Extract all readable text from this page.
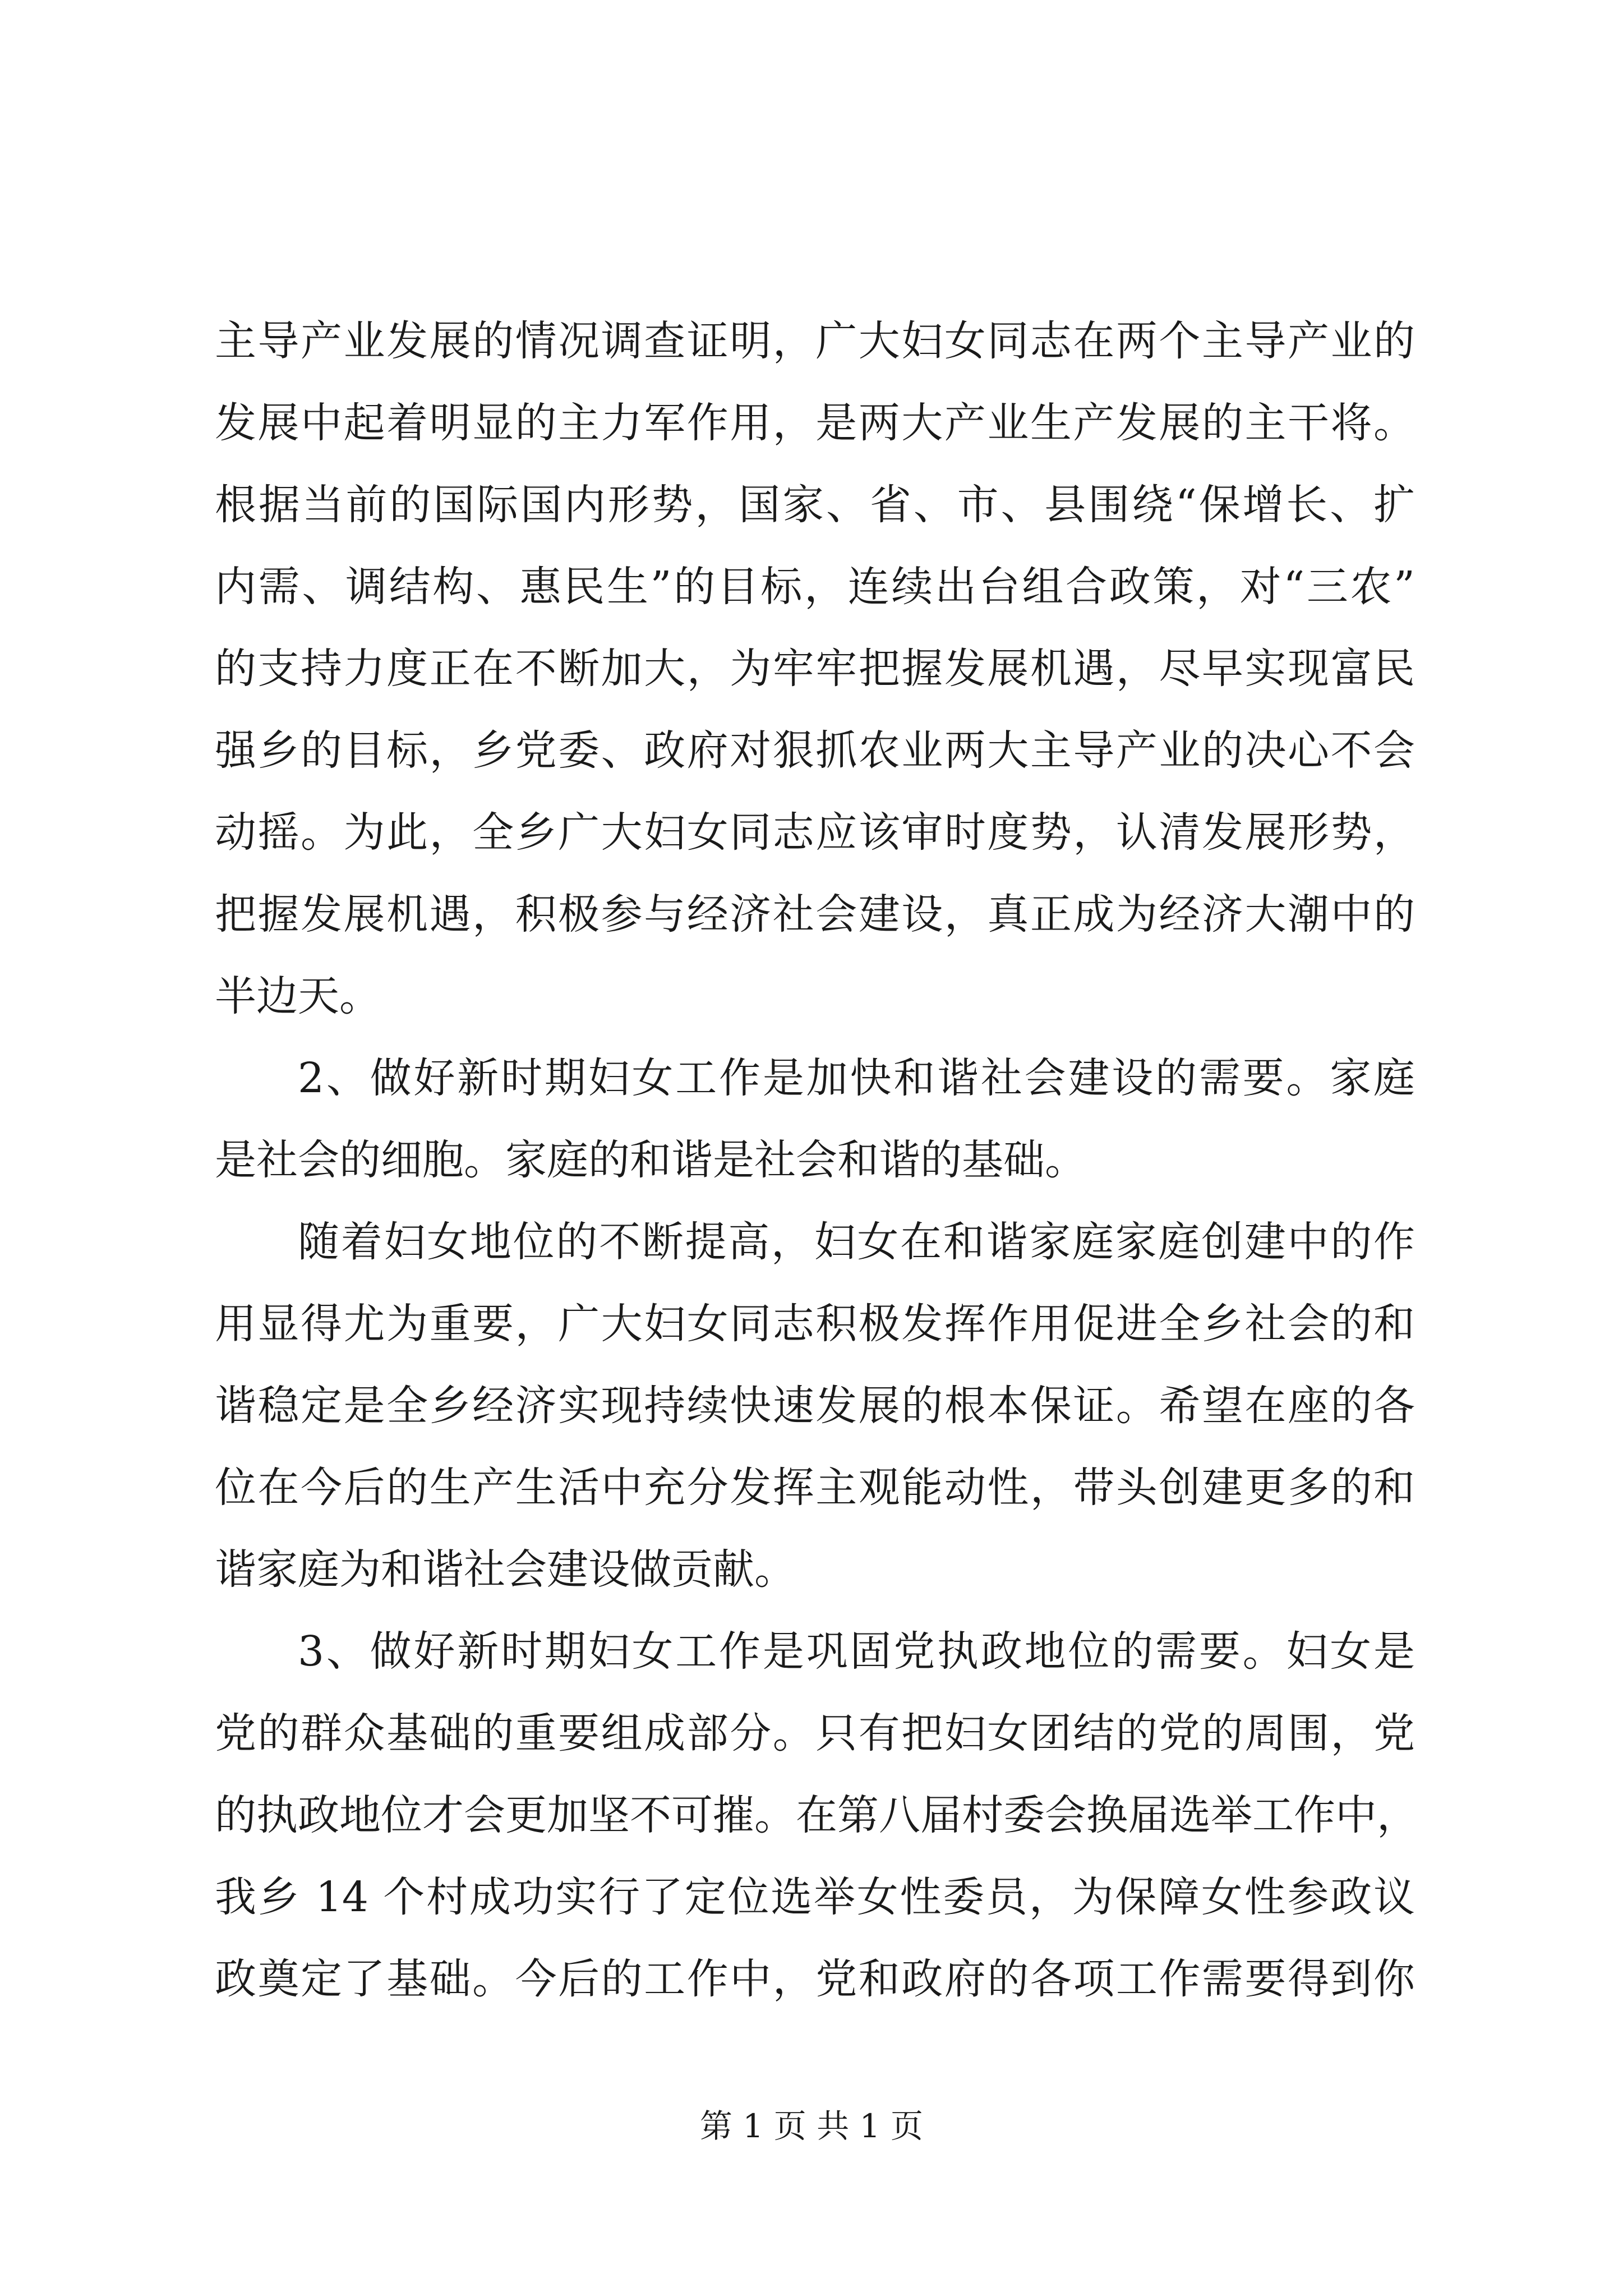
主导产业发展的情况调查证明，广大妇女同志在两个主导产业的
发展中起着明显的主力军作用，是两大产业生产发展的主干将。
根据当前的国际国内形势，国家、省、市、县围绕“保增长、扩
内需、调结构、惠民生”的目标，连续出台组合政策，对“三农”
的支持力度正在不断加大，为牢牢把握发展机遇，尽早实现富民
强乡的目标，乡党委、政府对狠抓农业两大主导产业的决心不会
动摇。为此，全乡广大妇女同志应该审时度势，认清发展形势，
把握发展机遇，积极参与经济社会建设，真正成为经济大潮中的
半边天。
2、做好新时期妇女工作是加快和谐社会建设的需要。家庭
是社会的细胞。家庭的和谐是社会和谐的基础。
随着妇女地位的不断提高，妇女在和谐家庭家庭创建中的作
用显得尤为重要，广大妇女同志积极发挥作用促进全乡社会的和
谐稳定是全乡经济实现持续快速发展的根本保证。希望在座的各
位在今后的生产生活中充分发挥主观能动性，带头创建更多的和
谐家庭为和谐社会建设做贡献。
3、做好新时期妇女工作是巩固党执政地位的需要。妇女是
党的群众基础的重要组成部分。只有把妇女团结的党的周围，党
的执政地位才会更加坚不可摧。在第八届村委会换届选举工作中，
我乡 14 个村成功实行了定位选举女性委员，为保障女性参政议
政奠定了基础。今后的工作中，党和政府的各项工作需要得到你
第 1 页 共 1 页
